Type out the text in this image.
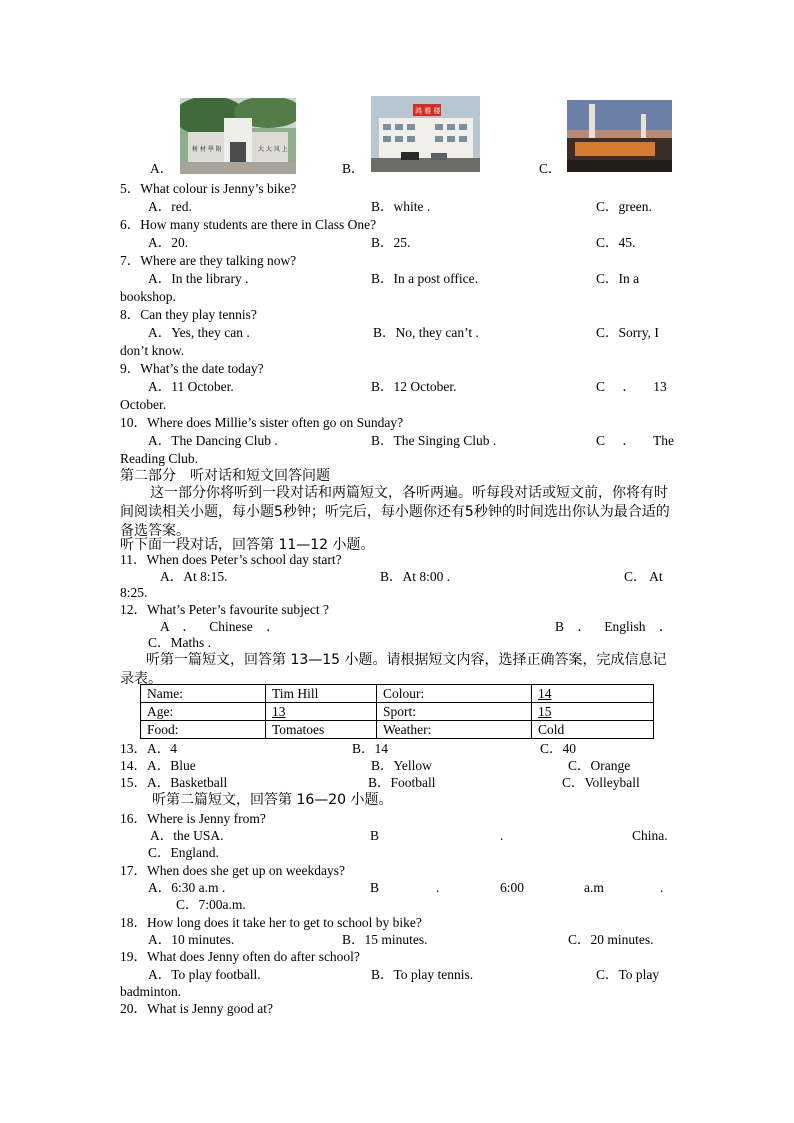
树 材 學 附	大 大 风 上
鸿 雅 楼
A．	B．	C．
5．What colour is Jenny’s bike?
A．red.	B．white .	C．green.
6．How many students are there in Class One?
A．20.	B．25.	C．45.
7．Where are they talking now?
A．In the library .	B．In a post office.	C．In a
bookshop.
8．Can they play tennis?
A．Yes, they can .	B．No, they can’t .	C．Sorry, I
don’t know.
9．What’s the date today?
A．11 October.	B．12 October.	C ． 13
October.
10．Where does Millie’s sister often go on Sunday?
A．The Dancing Club .	B．The Singing Club .	C ． The
Reading Club.
第二部分　听对话和短文回答问题
这一部分你将听到一段对话和两篇短文，各听两遍。听每段对话或短文前，你将有时间阅读相关小题，每小题5秒钟；听完后，每小题你还有5秒钟的时间选出你认为最合适的备选答案。
听下面一段对话，回答第 11—12 小题。
11．When does Peter’s school day start?
A．At 8:15.	B．At 8:00 .	C． At
8:25.
12．What’s Peter’s favourite subject ?
A ． Chinese ．	B ． English ．
C．Maths .
听第一篇短文，回答第 13—15 小题。请根据短文内容，选择正确答案，完成信息记录表。
Name:	Tim Hill	Colour:	14
Age:	13	Sport:	15
Food:	Tomatoes	Weather:	Cold
13．A．4	B．14	C．40
14．A．Blue	B．Yellow	C．Orange
15．A．Basketball	B．Football	C．Volleyball
听第二篇短文，回答第 16—20 小题。
16．Where is Jenny from?
A．the USA.	B	.	China.
C．England.
17．When does she get up on weekdays?
A．6:30 a.m .	B	.	6:00	a.m	.
C．7:00a.m.
18．How long does it take her to get to school by bike?
A．10 minutes.	B．15 minutes.	C．20 minutes.
19．What does Jenny often do after school?
A．To play football.	B．To play tennis.	C．To play
badminton.
20．What is Jenny good at?
